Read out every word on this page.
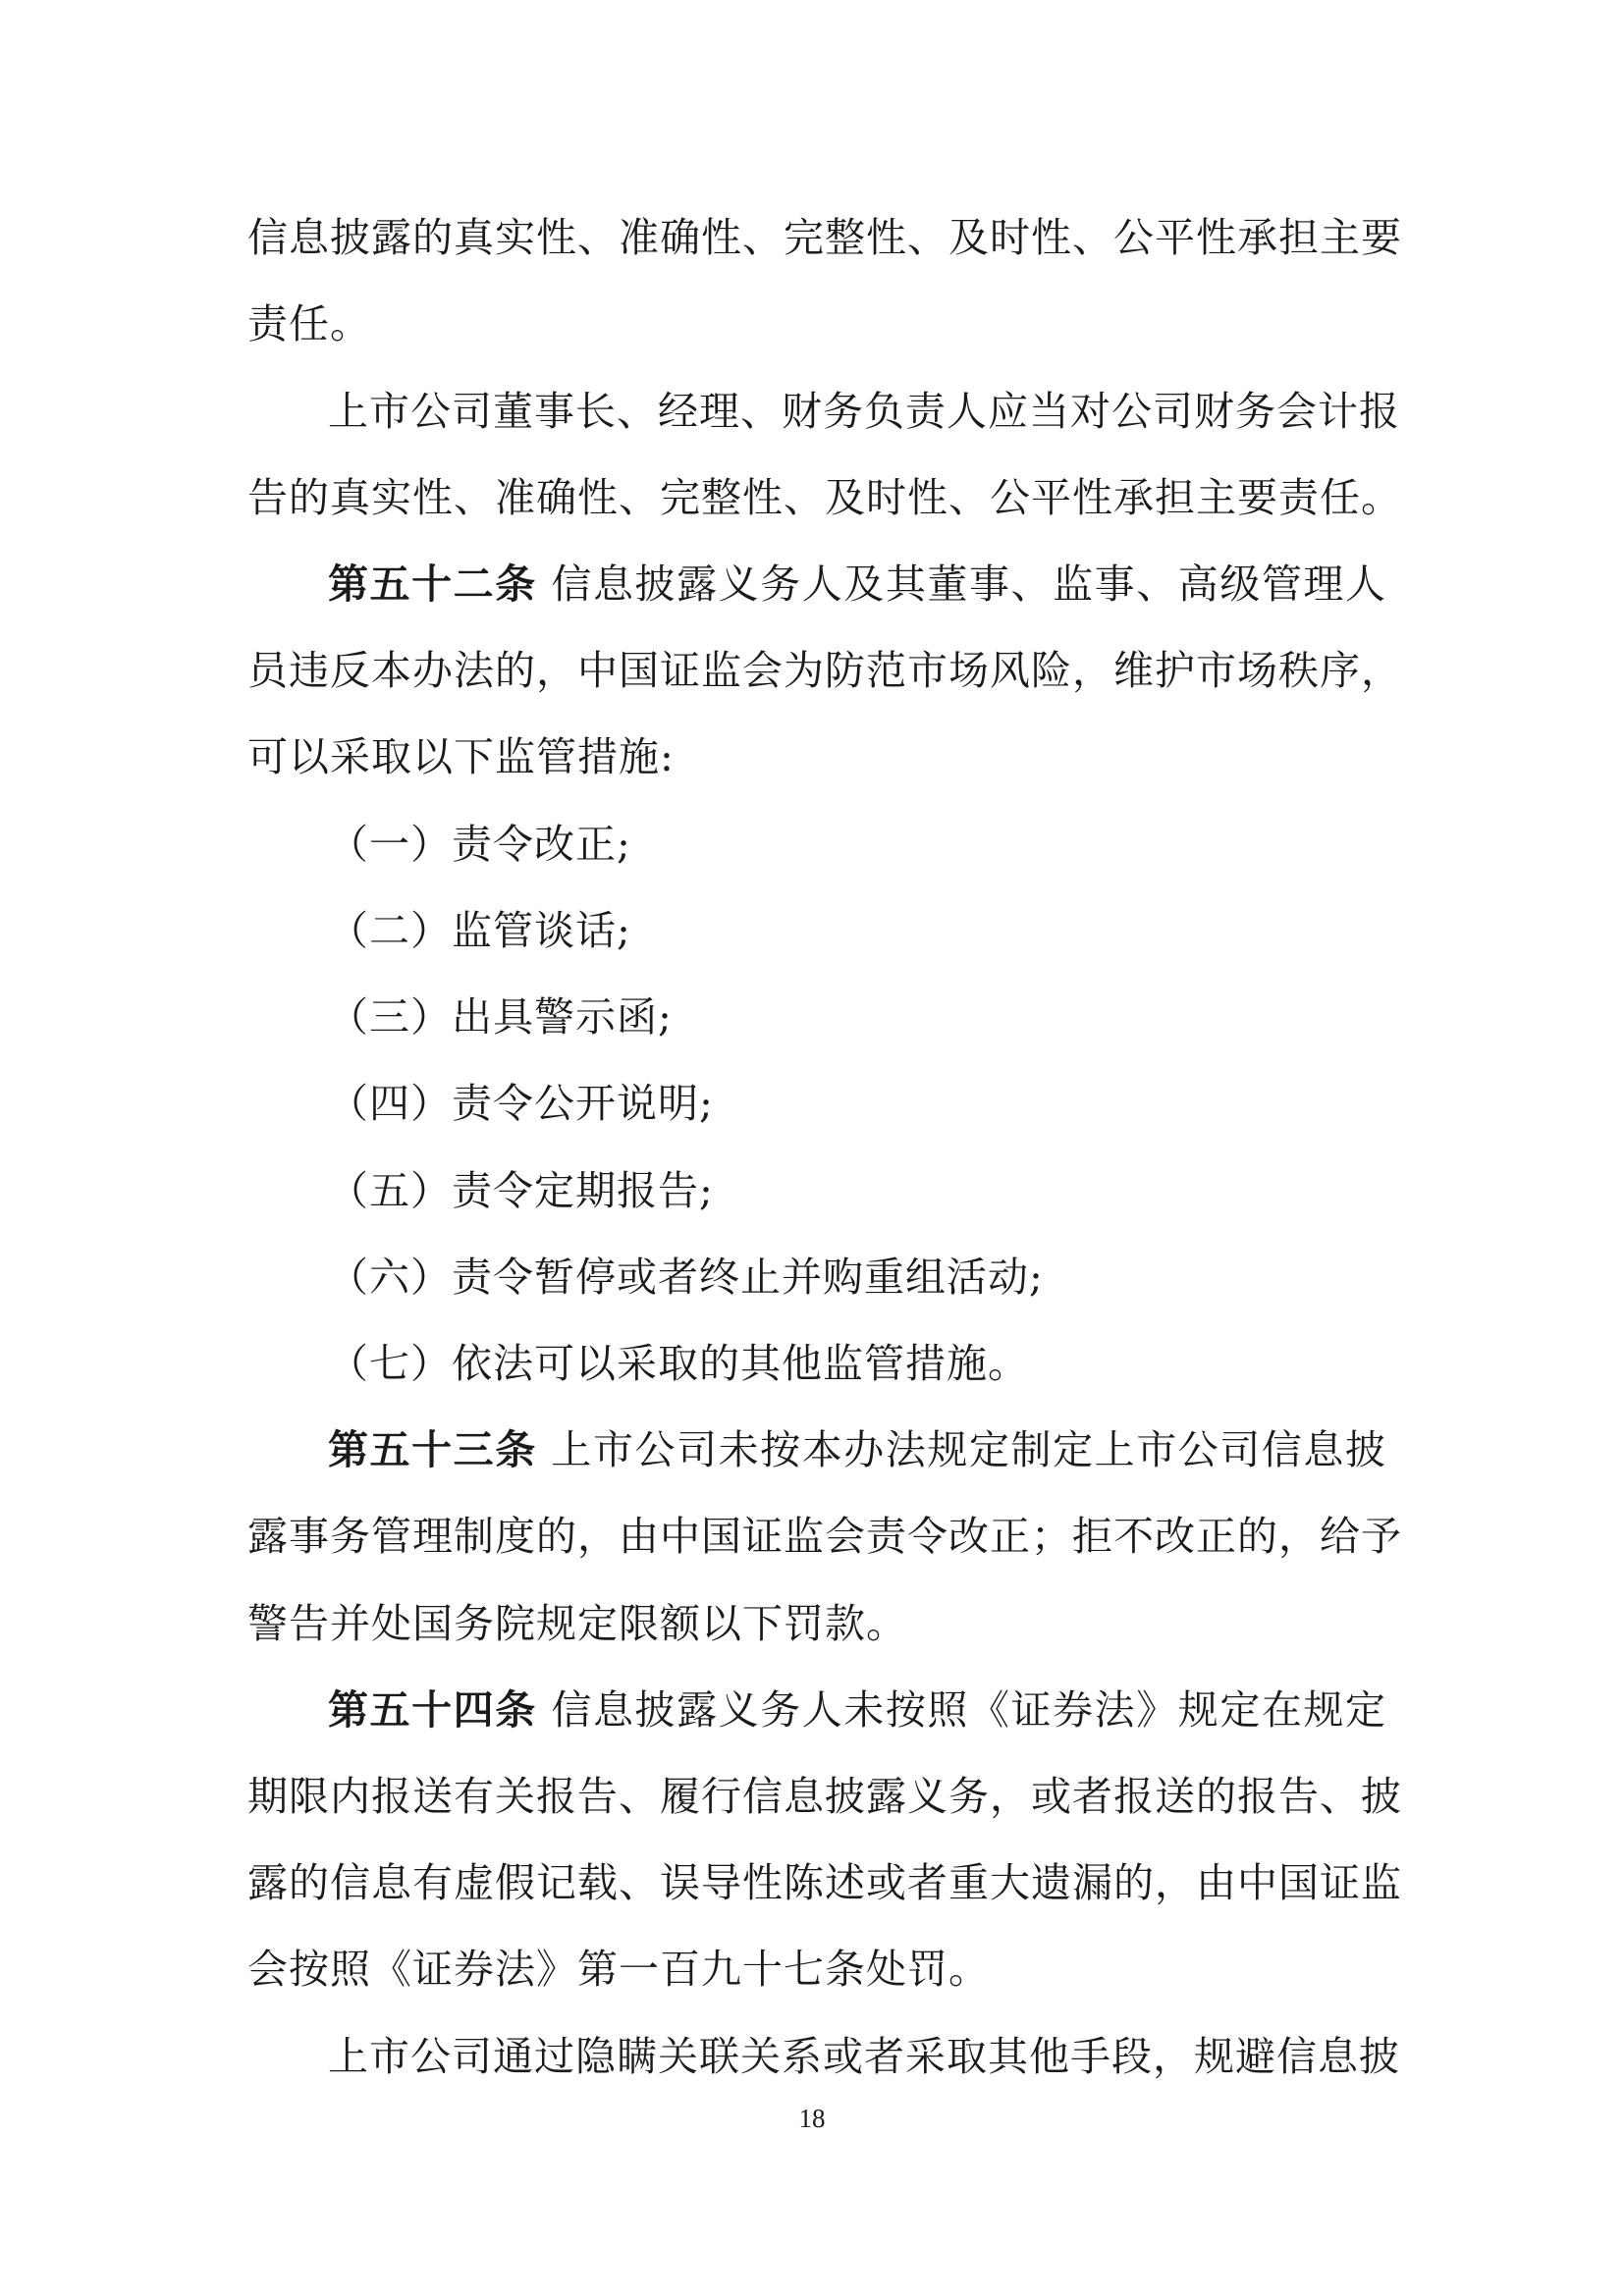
信息披露的真实性、准确性、完整性、及时性、公平性承担主要
责任。
上市公司董事长、经理、财务负责人应当对公司财务会计报
告的真实性、准确性、完整性、及时性、公平性承担主要责任。
第五十二条 信息披露义务人及其董事、监事、高级管理人
员违反本办法的，中国证监会为防范市场风险，维护市场秩序，
可以采取以下监管措施:
（一）责令改正;
（二）监管谈话;
（三）出具警示函;
（四）责令公开说明;
（五）责令定期报告;
（六）责令暂停或者终止并购重组活动;
（七）依法可以采取的其他监管措施。
第五十三条 上市公司未按本办法规定制定上市公司信息披
露事务管理制度的，由中国证监会责令改正；拒不改正的，给予
警告并处国务院规定限额以下罚款。
第五十四条 信息披露义务人未按照《证券法》规定在规定
期限内报送有关报告、履行信息披露义务，或者报送的报告、披
露的信息有虚假记载、误导性陈述或者重大遗漏的，由中国证监
会按照《证券法》第一百九十七条处罚。
上市公司通过隐瞒关联关系或者采取其他手段，规避信息披
18
